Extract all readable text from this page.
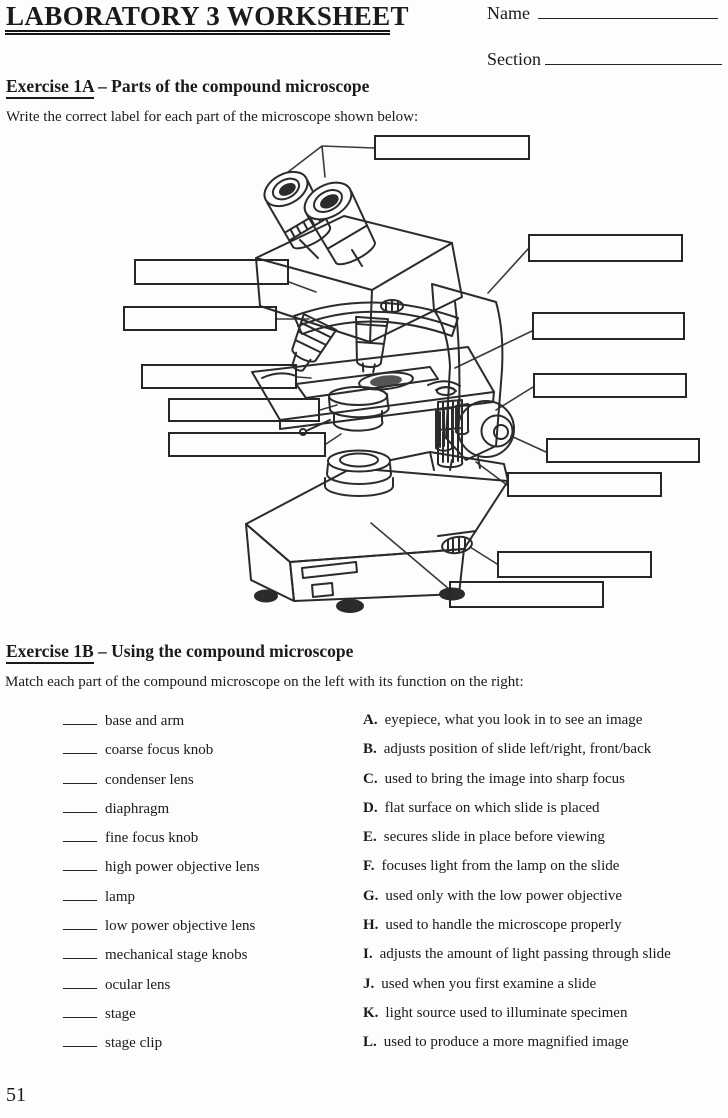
LABORATORY 3 WORKSHEET	Name
Section
Exercise 1A – Parts of the compound microscope
Write the correct label for each part of the microscope shown below:
Exercise 1B – Using the compound microscope
Match each part of the compound microscope on the left with its function on the right:
base and arm	A. eyepiece, what you look in to see an image
coarse focus knob	B. adjusts position of slide left/right, front/back
condenser lens	C. used to bring the image into sharp focus
diaphragm	D. flat surface on which slide is placed
fine focus knob	E. secures slide in place before viewing
high power objective lens	F. focuses light from the lamp on the slide
lamp	G. used only with the low power objective
low power objective lens	H. used to handle the microscope properly
mechanical stage knobs	I. adjusts the amount of light passing through slide
ocular lens	J. used when you first examine a slide
stage	K. light source used to illuminate specimen
stage clip	L. used to produce a more magnified image
51
